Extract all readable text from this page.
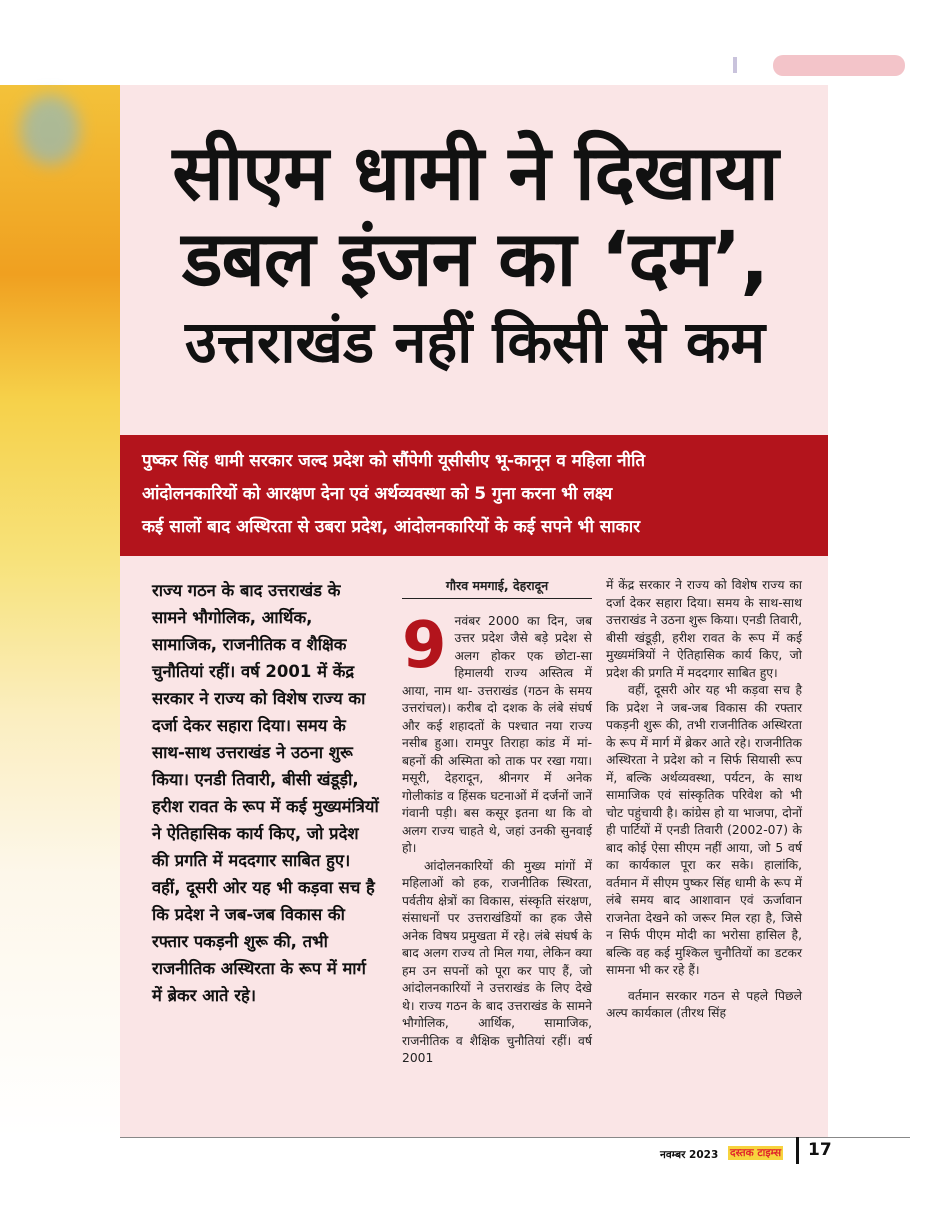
सीएम धामी ने दिखाया
डबल इंजन का ‘दम’,
उत्तराखंड नहीं किसी से कम
पुष्कर सिंह धामी सरकार जल्द प्रदेश को सौंपेगी यूसीसीए भू-कानून व महिला नीति
आंदोलनकारियों को आरक्षण देना एवं अर्थव्यवस्था को 5 गुना करना भी लक्ष्य
कई सालों बाद अस्थिरता से उबरा प्रदेश, आंदोलनकारियों के कई सपने भी साकार
राज्य गठन के बाद उत्तराखंड के सामने भौगोलिक, आर्थिक, सामाजिक, राजनीतिक व शैक्षिक चुनौतियां रहीं। वर्ष 2001 में केंद्र सरकार ने राज्य को विशेष राज्य का दर्जा देकर सहारा दिया। समय के साथ-साथ उत्तराखंड ने उठना शुरू किया। एनडी तिवारी, बीसी खंडूड़ी, हरीश रावत के रूप में कई मुख्यमंत्रियों ने ऐतिहासिक कार्य किए, जो प्रदेश की प्रगति में मददगार साबित हुए। वहीं, दूसरी ओर यह भी कड़वा सच है कि प्रदेश ने जब-जब विकास की रफ्तार पकड़नी शुरू की, तभी राजनीतिक अस्थिरता के रूप में मार्ग में ब्रेकर आते रहे।
गौरव ममगाई, देहरादून
9 नवंबर 2000 का दिन, जब उत्तर प्रदेश जैसे बड़े प्रदेश से अलग होकर एक छोटा-सा हिमालयी राज्य अस्तित्व में आया, नाम था- उत्तराखंड (गठन के समय उत्तरांचल)। करीब दो दशक के लंबे संघर्ष और कई शहादतों के पश्चात नया राज्य नसीब हुआ। रामपुर तिराहा कांड में मां-बहनों की अस्मिता को ताक पर रखा गया। मसूरी, देहरादून, श्रीनगर में अनेक गोलीकांड व हिंसक घटनाओं में दर्जनों जानें गंवानी पड़ी। बस कसूर इतना था कि वो अलग राज्य चाहते थे, जहां उनकी सुनवाई हो।

आंदोलनकारियों की मुख्य मांगों में महिलाओं को हक, राजनीतिक स्थिरता, पर्वतीय क्षेत्रों का विकास, संस्कृति संरक्षण, संसाधनों पर उत्तराखंडियों का हक जैसे अनेक विषय प्रमुखता में रहे। लंबे संघर्ष के बाद अलग राज्य तो मिल गया, लेकिन क्या हम उन सपनों को पूरा कर पाए हैं, जो आंदोलनकारियों ने उत्तराखंड के लिए देखे थे। राज्य गठन के बाद उत्तराखंड के सामने भौगोलिक, आर्थिक, सामाजिक, राजनीतिक व शैक्षिक चुनौतियां रहीं। वर्ष 2001

में केंद्र सरकार ने राज्य को विशेष राज्य का दर्जा देकर सहारा दिया। समय के साथ-साथ उत्तराखंड ने उठना शुरू किया। एनडी तिवारी, बीसी खंडूड़ी, हरीश रावत के रूप में कई मुख्यमंत्रियों ने ऐतिहासिक कार्य किए, जो प्रदेश की प्रगति में मददगार साबित हुए।

वहीं, दूसरी ओर यह भी कड़वा सच है कि प्रदेश ने जब-जब विकास की रफ्तार पकड़नी शुरू की, तभी राजनीतिक अस्थिरता के रूप में मार्ग में ब्रेकर आते रहे। राजनीतिक अस्थिरता ने प्रदेश को न सिर्फ सियासी रूप में, बल्कि अर्थव्यवस्था, पर्यटन, के साथ सामाजिक एवं सांस्कृतिक परिवेश को भी चोट पहुंचायी है। कांग्रेस हो या भाजपा, दोनों ही पार्टियों में एनडी तिवारी (2002-07) के बाद कोई ऐसा सीएम नहीं आया, जो 5 वर्ष का कार्यकाल पूरा कर सके। हालांकि, वर्तमान में सीएम पुष्कर सिंह धामी के रूप में लंबे समय बाद आशावान एवं ऊर्जावान राजनेता देखने को जरूर मिल रहा है, जिसे न सिर्फ पीएम मोदी का भरोसा हासिल है, बल्कि वह कई मुश्किल चुनौतियों का डटकर सामना भी कर रहे हैं।

वर्तमान सरकार गठन से पहले पिछले अल्प कार्यकाल (तीरथ सिंह

नवम्बर 2023 दस्तक टाइम्स 17
